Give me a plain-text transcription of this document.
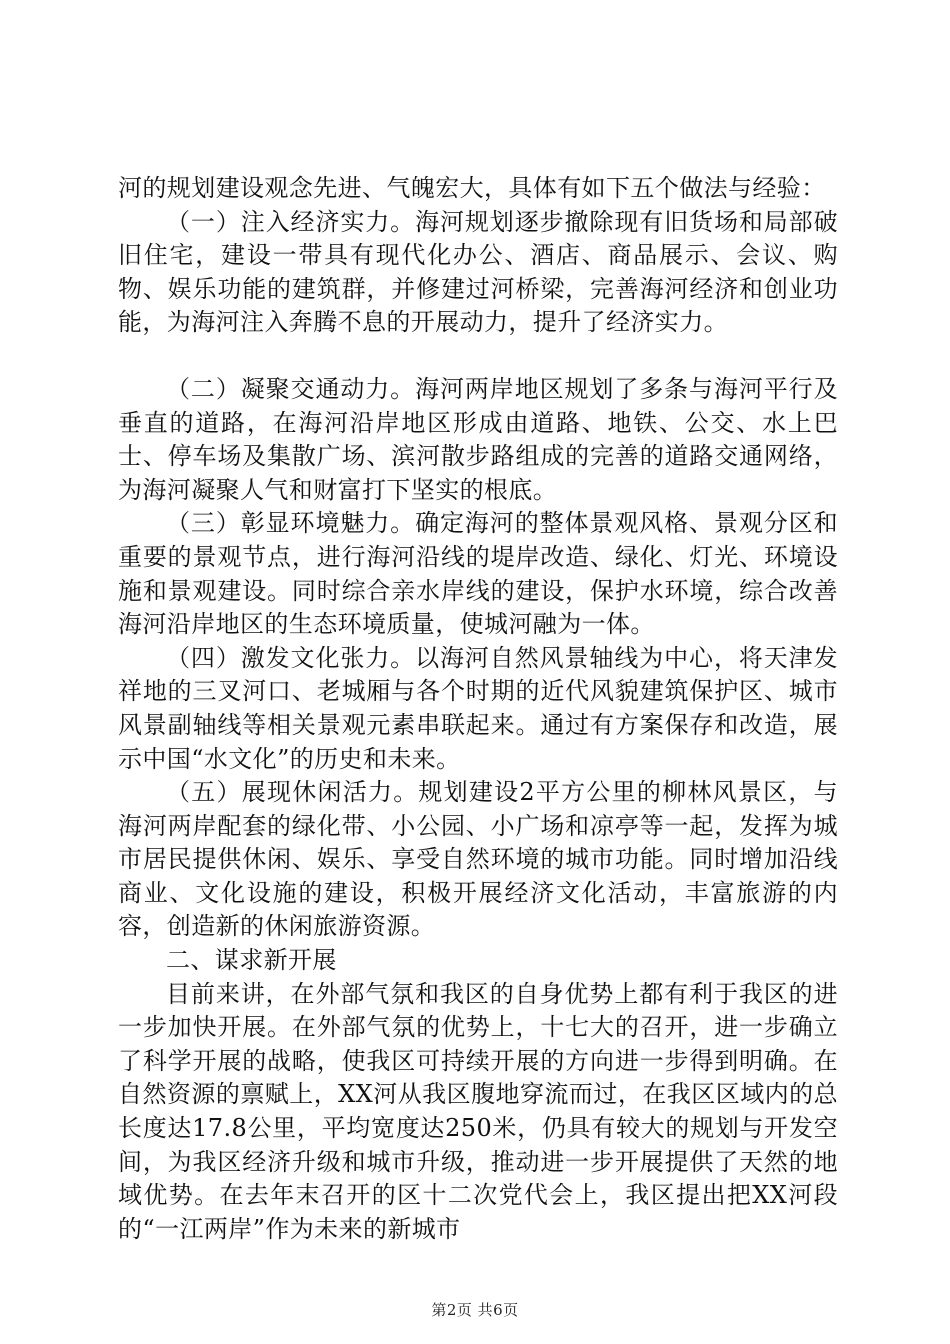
河的规划建设观念先进、气魄宏大，具体有如下五个做法与经验：

（一）注入经济实力。海河规划逐步撤除现有旧货场和局部破旧住宅，建设一带具有现代化办公、酒店、商品展示、会议、购物、娱乐功能的建筑群，并修建过河桥梁，完善海河经济和创业功能，为海河注入奔腾不息的开展动力，提升了经济实力。

（二）凝聚交通动力。海河两岸地区规划了多条与海河平行及垂直的道路，在海河沿岸地区形成由道路、地铁、公交、水上巴士、停车场及集散广场、滨河散步路组成的完善的道路交通网络，为海河凝聚人气和财富打下坚实的根底。

（三）彰显环境魅力。确定海河的整体景观风格、景观分区和重要的景观节点，进行海河沿线的堤岸改造、绿化、灯光、环境设施和景观建设。同时综合亲水岸线的建设，保护水环境，综合改善海河沿岸地区的生态环境质量，使城河融为一体。

（四）激发文化张力。以海河自然风景轴线为中心，将天津发祥地的三叉河口、老城厢与各个时期的近代风貌建筑保护区、城市风景副轴线等相关景观元素串联起来。通过有方案保存和改造，展示中国“水文化”的历史和未来。

（五）展现休闲活力。规划建设2平方公里的柳林风景区，与海河两岸配套的绿化带、小公园、小广场和凉亭等一起，发挥为城市居民提供休闲、娱乐、享受自然环境的城市功能。同时增加沿线商业、文化设施的建设，积极开展经济文化活动，丰富旅游的内容，创造新的休闲旅游资源。

二、谋求新开展

目前来讲，在外部气氛和我区的自身优势上都有利于我区的进一步加快开展。在外部气氛的优势上，十七大的召开，进一步确立了科学开展的战略，使我区可持续开展的方向进一步得到明确。在自然资源的禀赋上，XX河从我区腹地穿流而过，在我区区域内的总长度达17.8公里，平均宽度达250米，仍具有较大的规划与开发空间，为我区经济升级和城市升级，推动进一步开展提供了天然的地域优势。在去年末召开的区十二次党代会上，我区提出把XX河段的“一江两岸”作为未来的新城市

第2页 共6页
